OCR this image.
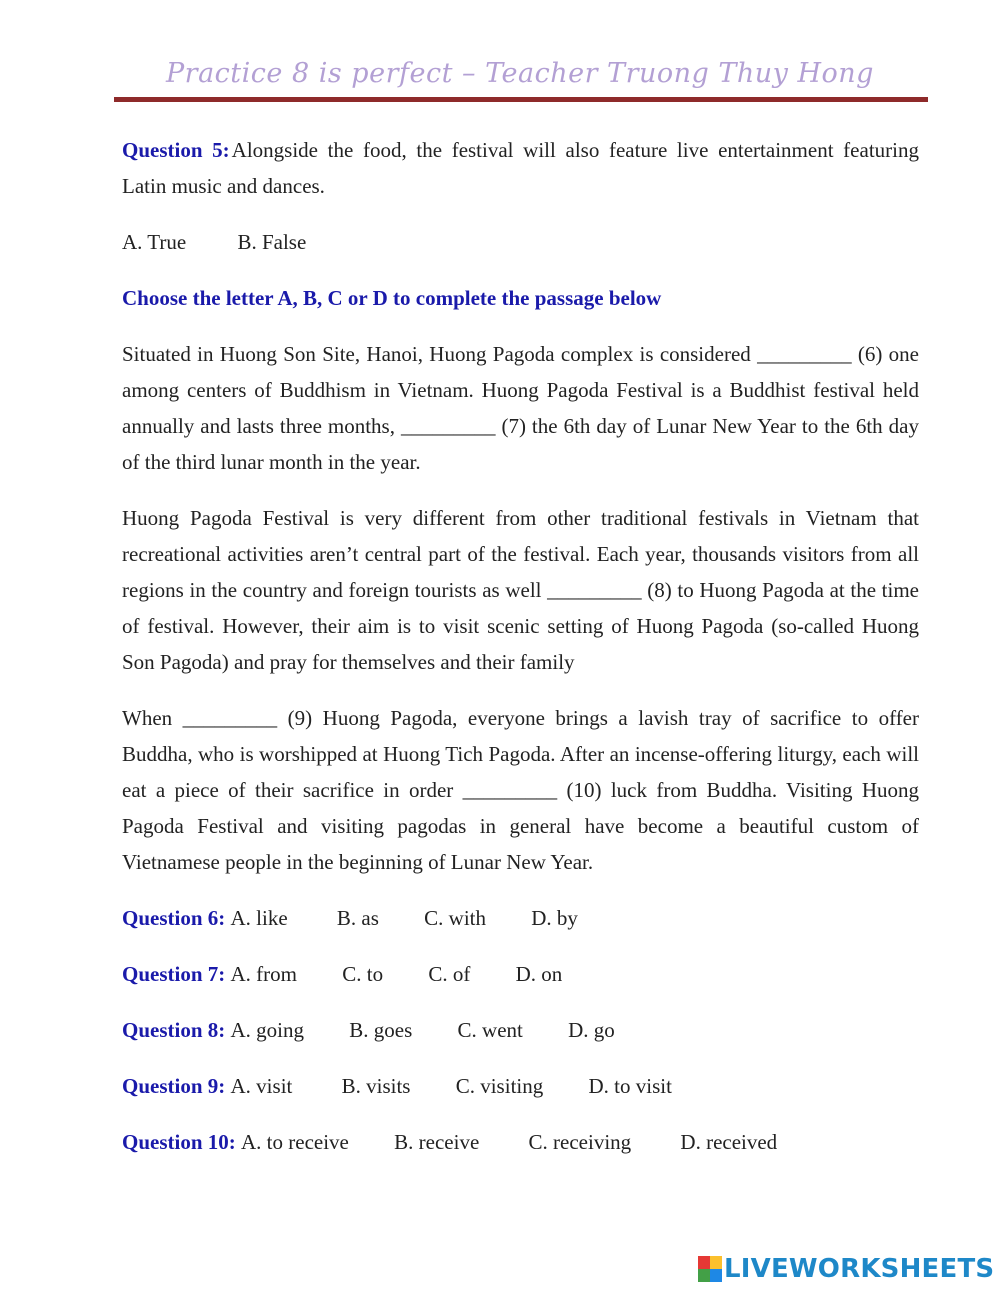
Practice 8 is perfect – Teacher Truong Thuy Hong

Question 5:Alongside the food, the festival will also feature live entertainment featuring Latin music and dances.

A. True B. False
Choose the letter A, B, C or D to complete the passage below

Situated in Huong Son Site, Hanoi, Huong Pagoda complex is considered _________ (6) one among centers of Buddhism in Vietnam. Huong Pagoda Festival is a Buddhist festival held annually and lasts three months, _________ (7) the 6th day of Lunar New Year to the 6th day of the third lunar month in the year.

Huong Pagoda Festival is very different from other traditional festivals in Vietnam that recreational activities aren’t central part of the festival. Each year, thousands visitors from all regions in the country and foreign tourists as well _________ (8) to Huong Pagoda at the time of festival. However, their aim is to visit scenic setting of Huong Pagoda (so-called Huong Son Pagoda) and pray for themselves and their family

When _________ (9) Huong Pagoda, everyone brings a lavish tray of sacrifice to offer Buddha, who is worshipped at Huong Tich Pagoda. After an incense-offering liturgy, each will eat a piece of their sacrifice in order _________ (10) luck from Buddha. Visiting Huong Pagoda Festival and visiting pagodas in general have become a beautiful custom of Vietnamese people in the beginning of Lunar New Year.

Question 6: A. like B. as C. with D. by
Question 7: A. from C. to C. of D. on
Question 8: A. going B. goes C. went D. go
Question 9: A. visit B. visits C. visiting D. to visit
Question 10: A. to receive B. receive C. receiving D. received
LIVEWORKSHEETS
